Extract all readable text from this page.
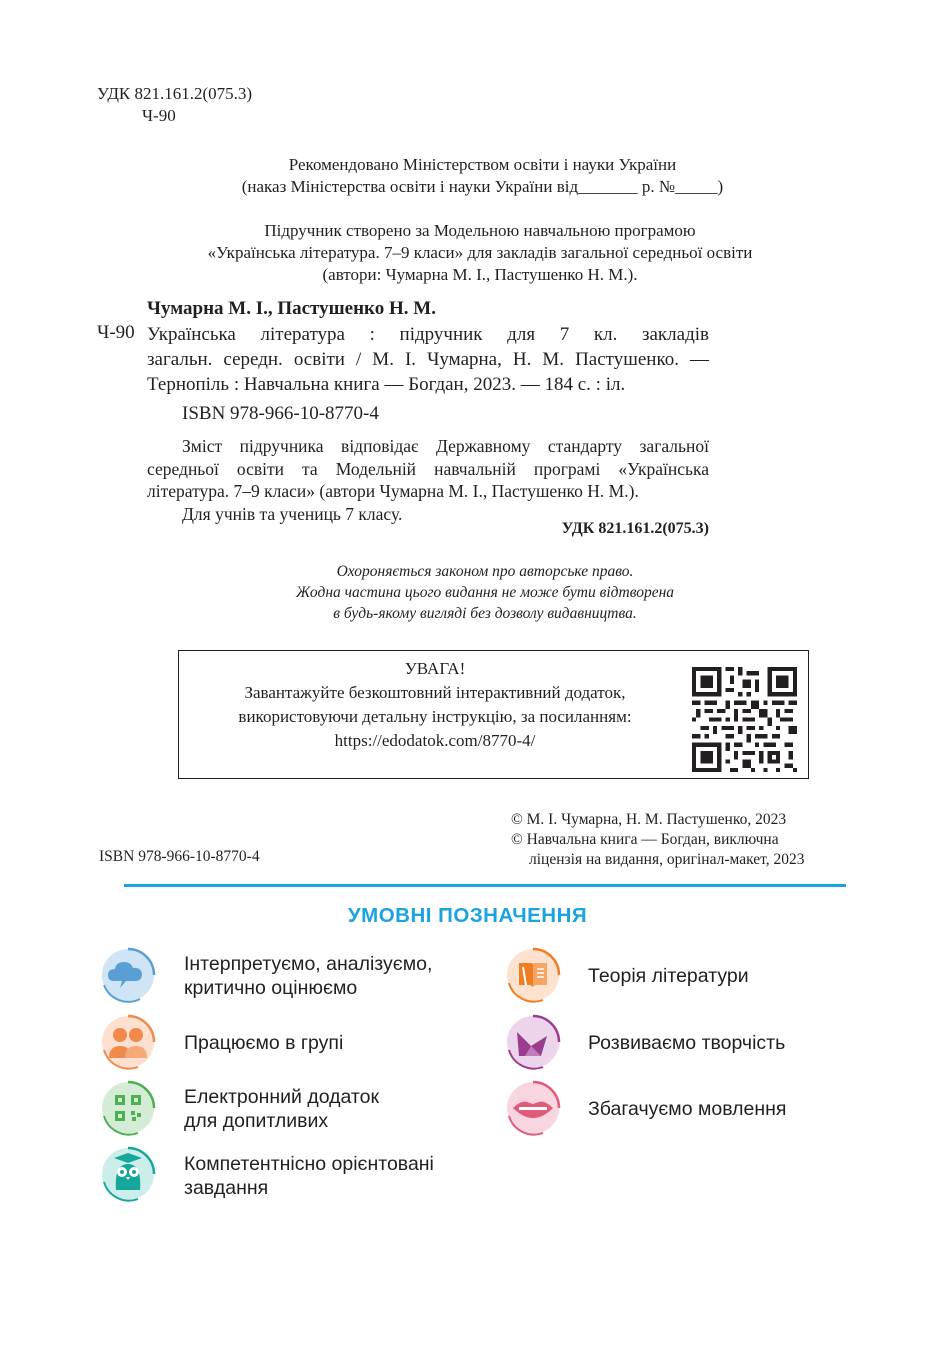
УДК 821.161.2(075.3)
Ч-90
Рекомендовано Міністерством освіти і науки України
(наказ Міністерства освіти і науки України від_______ р. №_____)
Підручник створено за Модельною навчальною програмою
«Українська література. 7–9 класи» для закладів загальної середньої освіти
(автори: Чумарна М. І., Пастушенко Н. М.).
Чумарна М. І., Пастушенко Н. М.
Ч-90 Українська література : підручник для 7 кл. закладів
загальн. середн. освіти / М. І. Чумарна, Н. М. Пастушенко. —
Тернопіль : Навчальна книга — Богдан, 2023. — 184 с. : іл.
ISBN 978-966-10-8770-4

Зміст підручника відповідає Державному стандарту загальної середньої освіти та Модельній навчальній програмі «Українська література. 7–9 класи» (автори Чумарна М. І., Пастушенко Н. М.).

Для учнів та учениць 7 класу.

УДК 821.161.2(075.3)
Охороняється законом про авторське право.
Жодна частина цього видання не може бути відтворена
в будь-якому вигляді без дозволу видавництва.
УВАГА!
Завантажуйте безкоштовний інтерактивний додаток,
використовуючи детальну інструкцію, за посиланням:
https://edodatok.com/8770-4/
ISBN 978-966-10-8770-4
© М. І. Чумарна, Н. М. Пастушенко, 2023
© Навчальна книга — Богдан, виключна
ліцензія на видання, оригінал-макет, 2023
УМОВНІ ПОЗНАЧЕННЯ
Інтерпретуємо, аналізуємо,
критично оцінюємо
Теорія літератури
Працюємо в групі	Розвиваємо творчість
Електронний додаток
для допитливих
Збагачуємо мовлення
Компетентнісно орієнтовані
завдання
